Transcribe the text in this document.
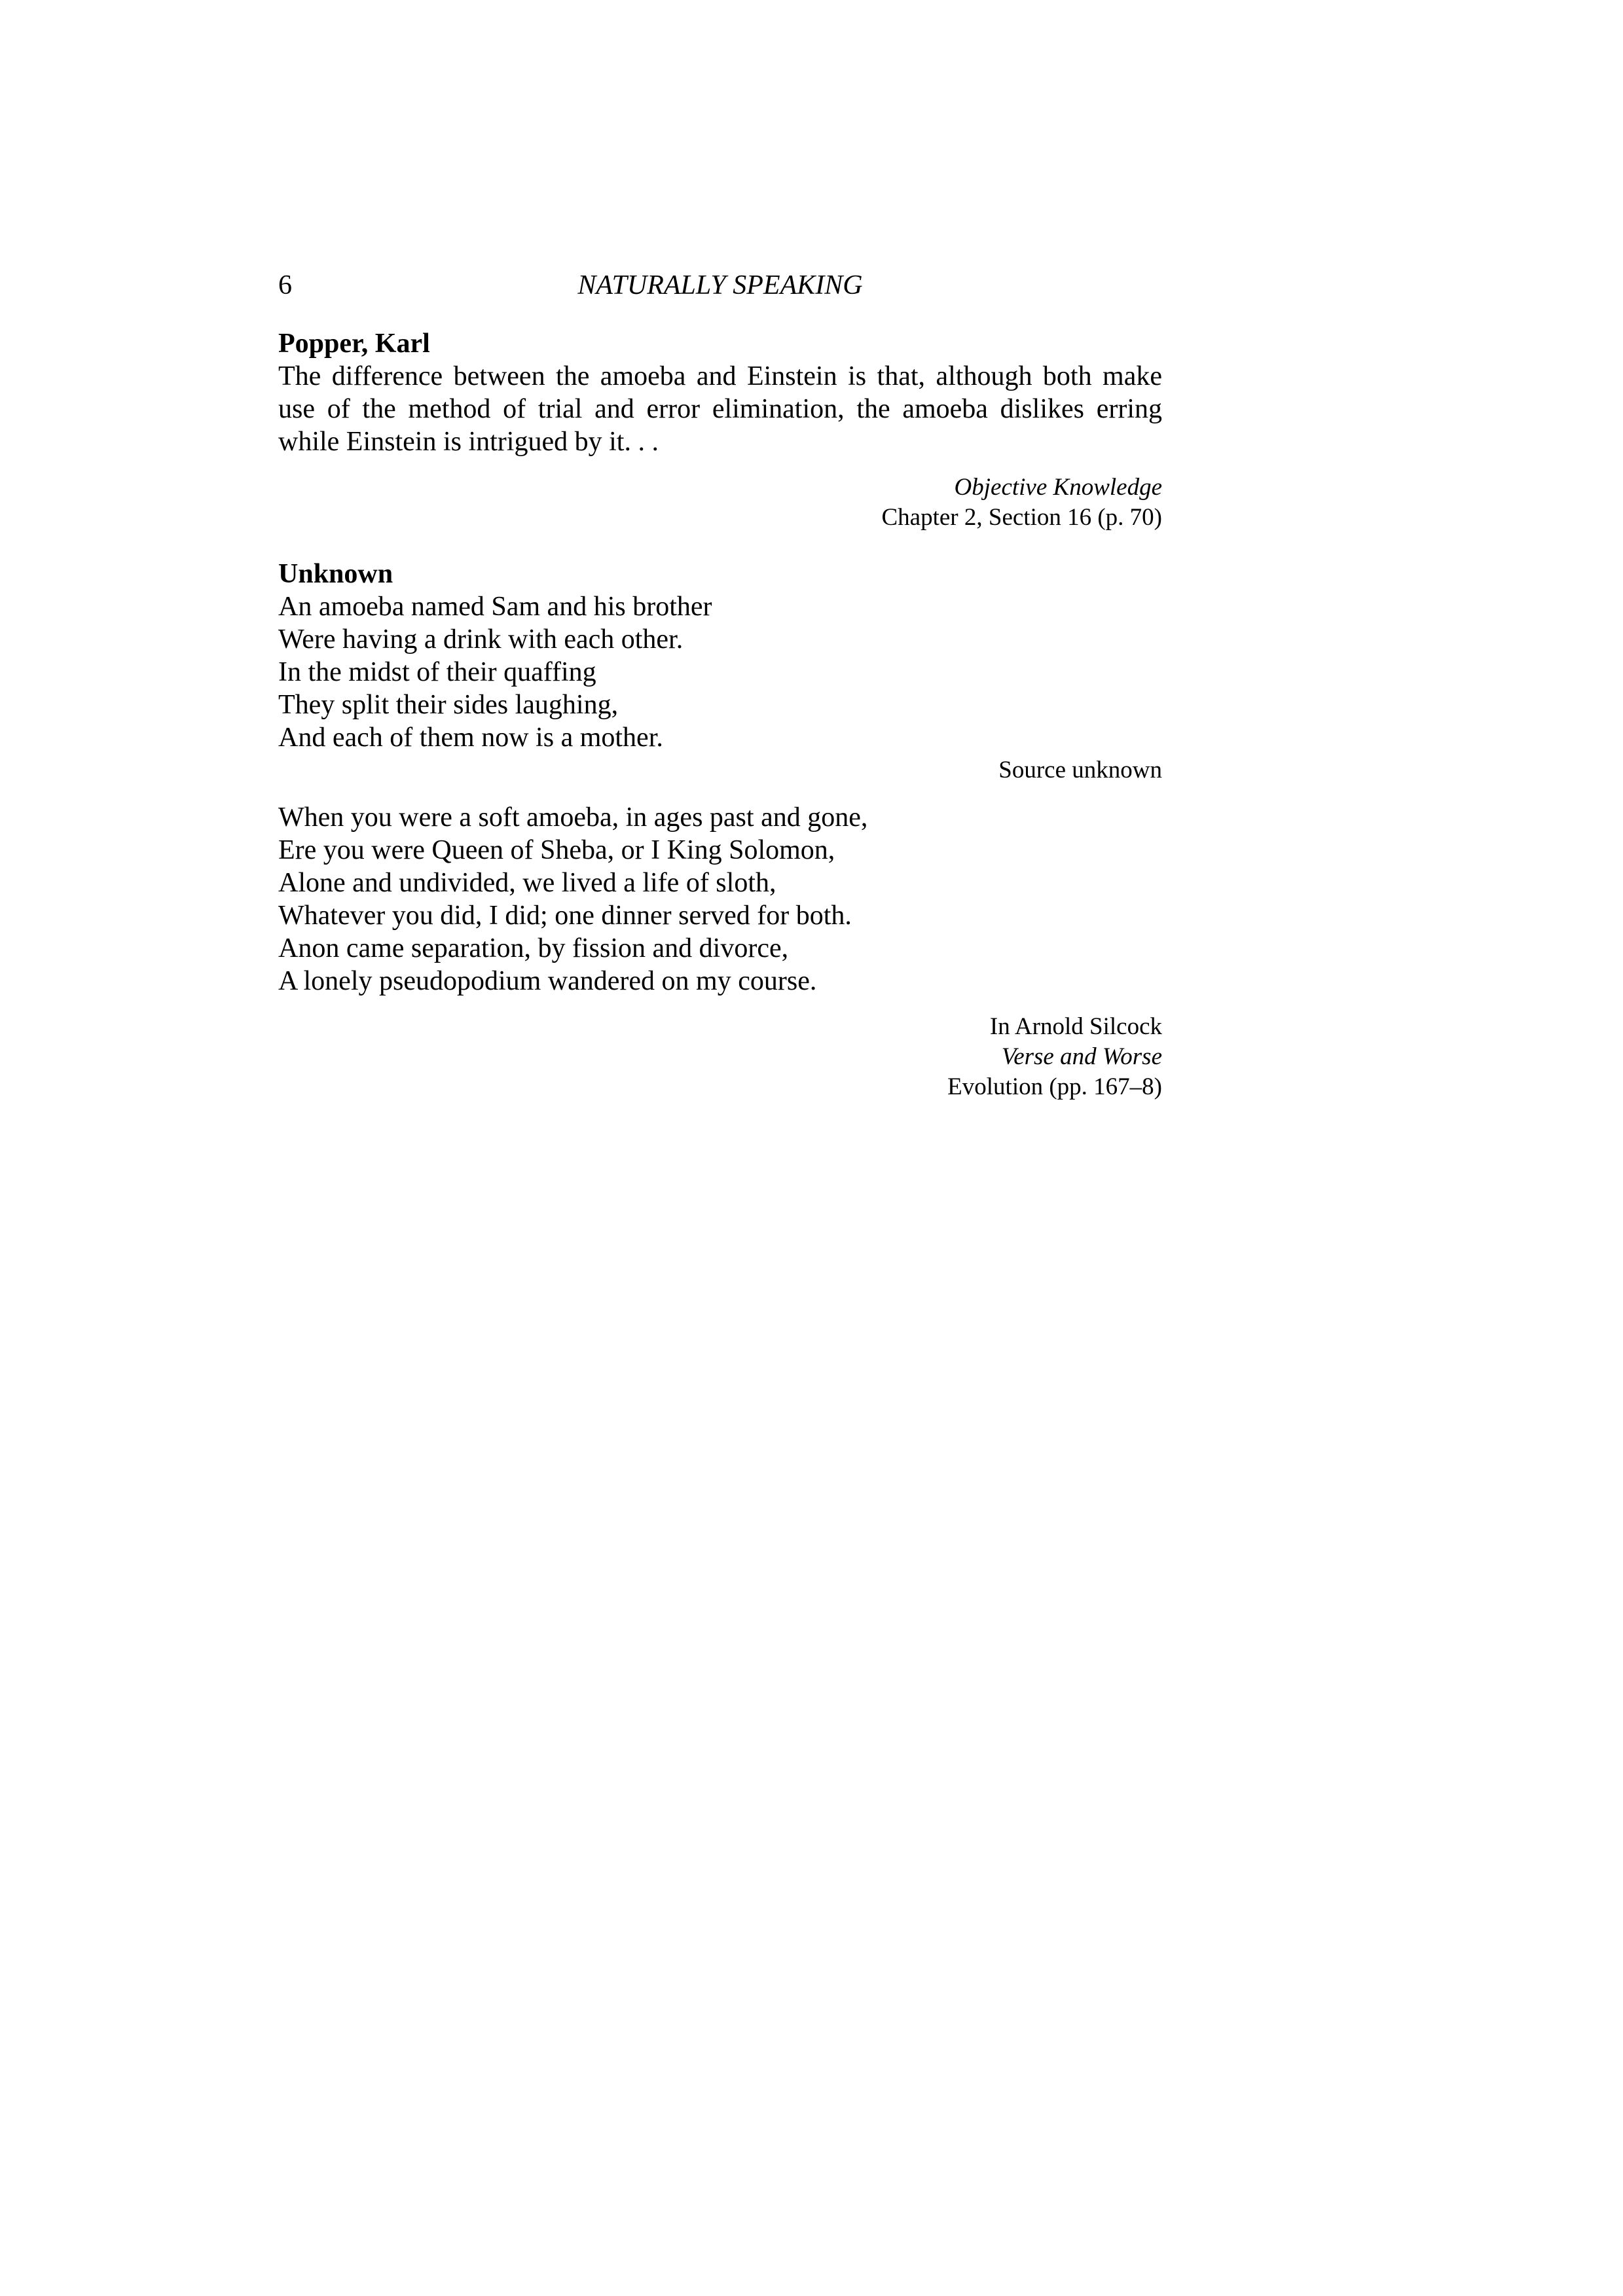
6	NATURALLY SPEAKING

Popper, Karl

The difference between the amoeba and Einstein is that, although both make use of the method of trial and error elimination, the amoeba dislikes erring while Einstein is intrigued by it. . .

Objective Knowledge
Chapter 2, Section 16 (p. 70)

Unknown

An amoeba named Sam and his brother
Were having a drink with each other.
In the midst of their quaffing
They split their sides laughing,
And each of them now is a mother.
Source unknown
When you were a soft amoeba, in ages past and gone,
Ere you were Queen of Sheba, or I King Solomon,
Alone and undivided, we lived a life of sloth,
Whatever you did, I did; one dinner served for both.
Anon came separation, by fission and divorce,
A lonely pseudopodium wandered on my course.
In Arnold Silcock
Verse and Worse
Evolution (pp. 167–8)
